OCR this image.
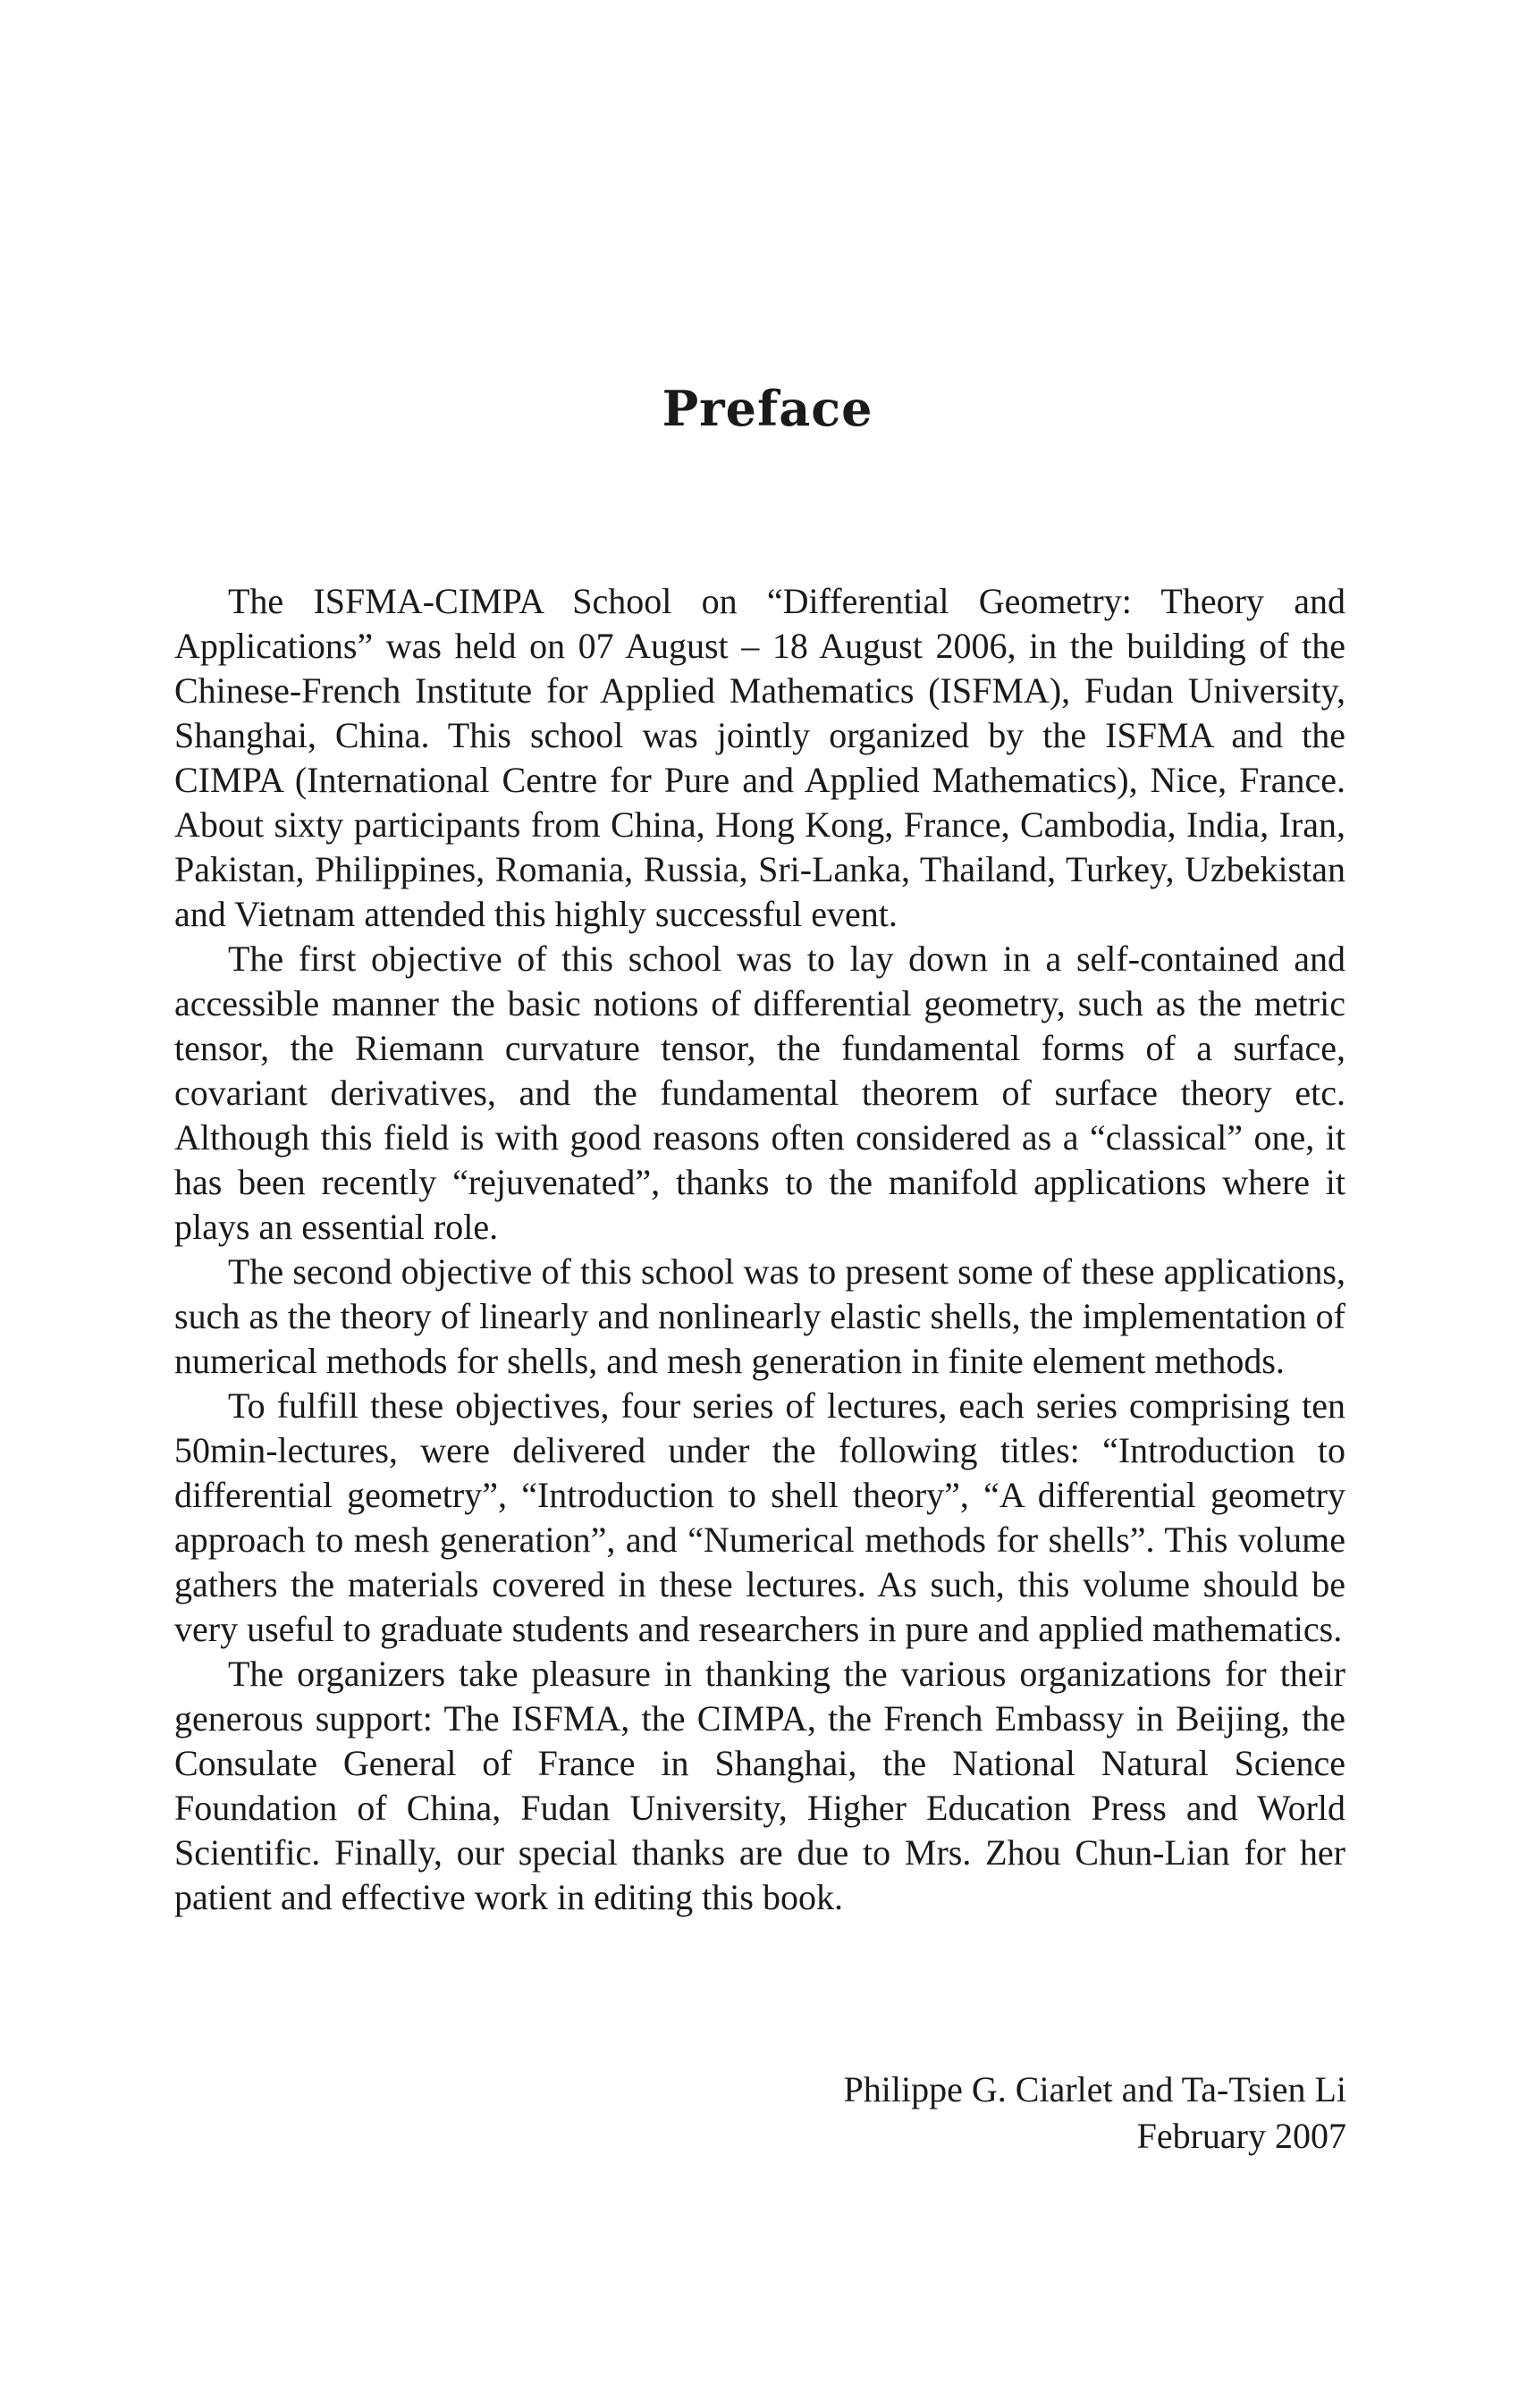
Preface

The ISFMA-CIMPA School on “Differential Geometry: Theory and Applications” was held on 07 August – 18 August 2006, in the building of the Chinese-French Institute for Applied Mathematics (ISFMA), Fudan University, Shanghai, China. This school was jointly organized by the ISFMA and the CIMPA (International Centre for Pure and Applied Mathematics), Nice, France. About sixty participants from China, Hong Kong, France, Cambodia, India, Iran, Pakistan, Philippines, Romania, Russia, Sri-Lanka, Thailand, Turkey, Uzbekistan and Vietnam attended this highly successful event.

The first objective of this school was to lay down in a self-contained and accessible manner the basic notions of differential geometry, such as the metric tensor, the Riemann curvature tensor, the fundamental forms of a surface, covariant derivatives, and the fundamental theorem of surface theory etc. Although this field is with good reasons often considered as a “classical” one, it has been recently “rejuvenated”, thanks to the manifold applications where it plays an essential role.

The second objective of this school was to present some of these applications, such as the theory of linearly and nonlinearly elastic shells, the implementation of numerical methods for shells, and mesh generation in finite element methods.

To fulfill these objectives, four series of lectures, each series comprising ten 50min-lectures, were delivered under the following titles: “Introduction to differential geometry”, “Introduction to shell theory”, “A differential geometry approach to mesh generation”, and “Numerical methods for shells”. This volume gathers the materials covered in these lectures. As such, this volume should be very useful to graduate students and researchers in pure and applied mathematics.

The organizers take pleasure in thanking the various organizations for their generous support: The ISFMA, the CIMPA, the French Embassy in Beijing, the Consulate General of France in Shanghai, the National Natural Science Foundation of China, Fudan University, Higher Education Press and World Scientific. Finally, our special thanks are due to Mrs. Zhou Chun-Lian for her patient and effective work in editing this book.

Philippe G. Ciarlet and Ta-Tsien Li
February 2007
